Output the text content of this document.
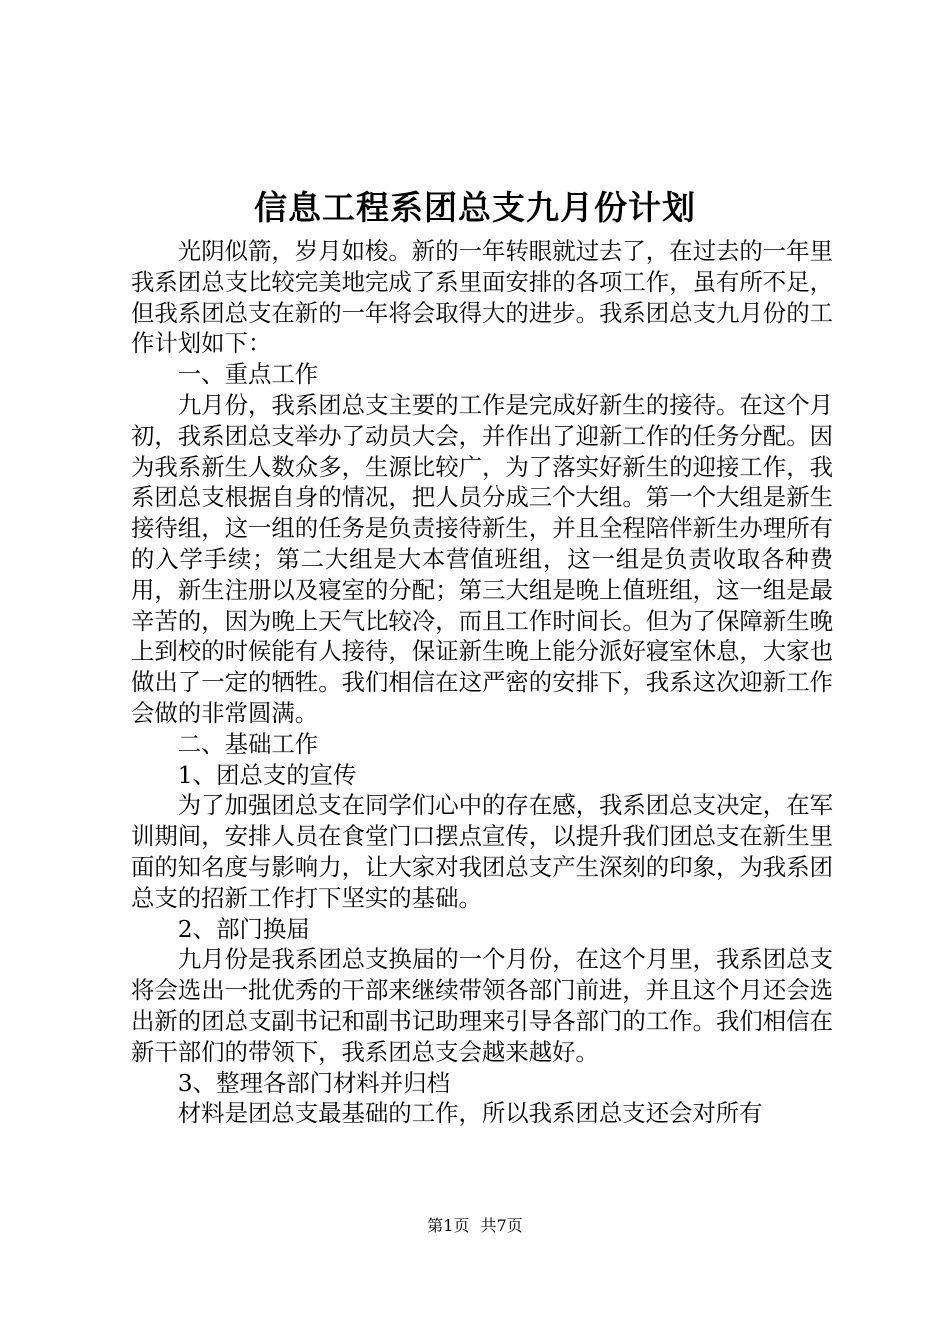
信息工程系团总支九月份计划

光阴似箭，岁月如梭。新的一年转眼就过去了，在过去的一年里我系团总支比较完美地完成了系里面安排的各项工作，虽有所不足，但我系团总支在新的一年将会取得大的进步。我系团总支九月份的工作计划如下：

一、重点工作

九月份，我系团总支主要的工作是完成好新生的接待。在这个月初，我系团总支举办了动员大会，并作出了迎新工作的任务分配。因为我系新生人数众多，生源比较广，为了落实好新生的迎接工作，我系团总支根据自身的情况，把人员分成三个大组。第一个大组是新生接待组，这一组的任务是负责接待新生，并且全程陪伴新生办理所有的入学手续；第二大组是大本营值班组，这一组是负责收取各种费用，新生注册以及寝室的分配；第三大组是晚上值班组，这一组是最辛苦的，因为晚上天气比较冷，而且工作时间长。但为了保障新生晚上到校的时候能有人接待，保证新生晚上能分派好寝室休息，大家也做出了一定的牺牲。我们相信在这严密的安排下，我系这次迎新工作会做的非常圆满。

二、基础工作

1、团总支的宣传

为了加强团总支在同学们心中的存在感，我系团总支决定，在军训期间，安排人员在食堂门口摆点宣传，以提升我们团总支在新生里面的知名度与影响力，让大家对我团总支产生深刻的印象，为我系团总支的招新工作打下坚实的基础。

2、部门换届

九月份是我系团总支换届的一个月份，在这个月里，我系团总支将会选出一批优秀的干部来继续带领各部门前进，并且这个月还会选出新的团总支副书记和副书记助理来引导各部门的工作。我们相信在新干部们的带领下，我系团总支会越来越好。

3、整理各部门材料并归档

材料是团总支最基础的工作，所以我系团总支还会对所有

第1页 共7页
